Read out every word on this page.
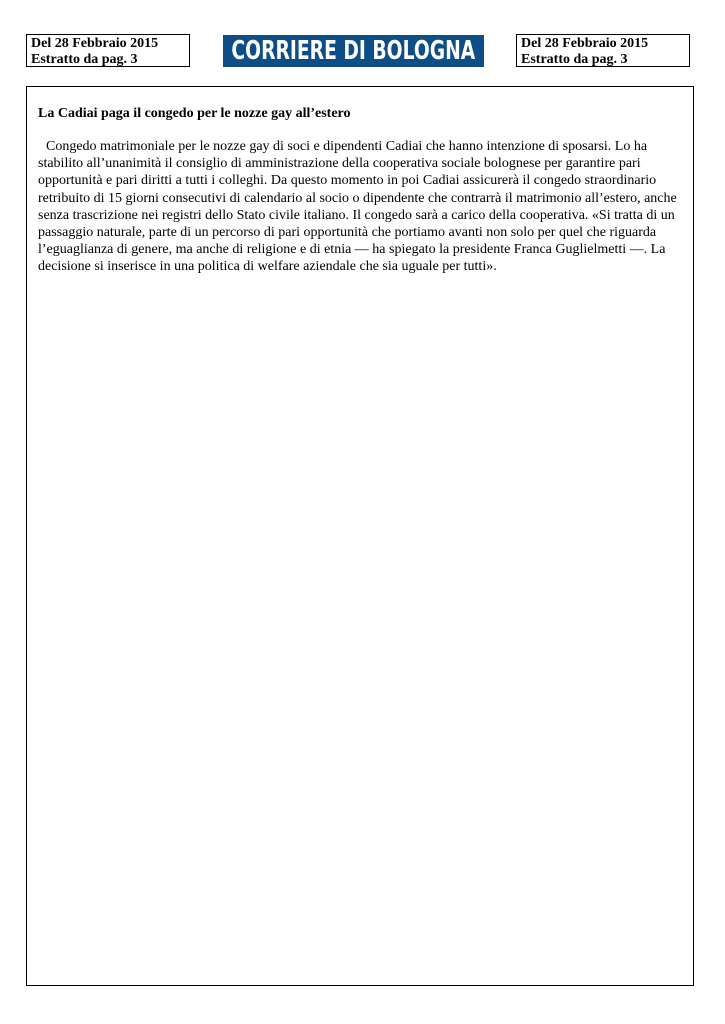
Del 28 Febbraio 2015
Estratto da pag. 3	CORRIERE DI BOLOGNA	Del 28 Febbraio 2015
Estratto da pag. 3
La Cadiai paga il congedo per le nozze gay all’estero

Congedo matrimoniale per le nozze gay di soci e dipendenti Cadiai che hanno intenzione di sposarsi. Lo ha stabilito all’unanimità il consiglio di amministrazione della cooperativa sociale bolognese per garantire pari opportunità e pari diritti a tutti i colleghi. Da questo momento in poi Cadiai assicurerà il congedo straordinario retribuito di 15 giorni consecutivi di calendario al socio o dipendente che contrarrà il matrimonio all’estero, anche senza trascrizione nei registri dello Stato civile italiano. Il congedo sarà a carico della cooperativa. «Si tratta di un passaggio naturale, parte di un percorso di pari opportunità che portiamo avanti non solo per quel che riguarda l’eguaglianza di genere, ma anche di religione e di etnia — ha spiegato la presidente Franca Guglielmetti —. La decisione si inserisce in una politica di welfare aziendale che sia uguale per tutti».
